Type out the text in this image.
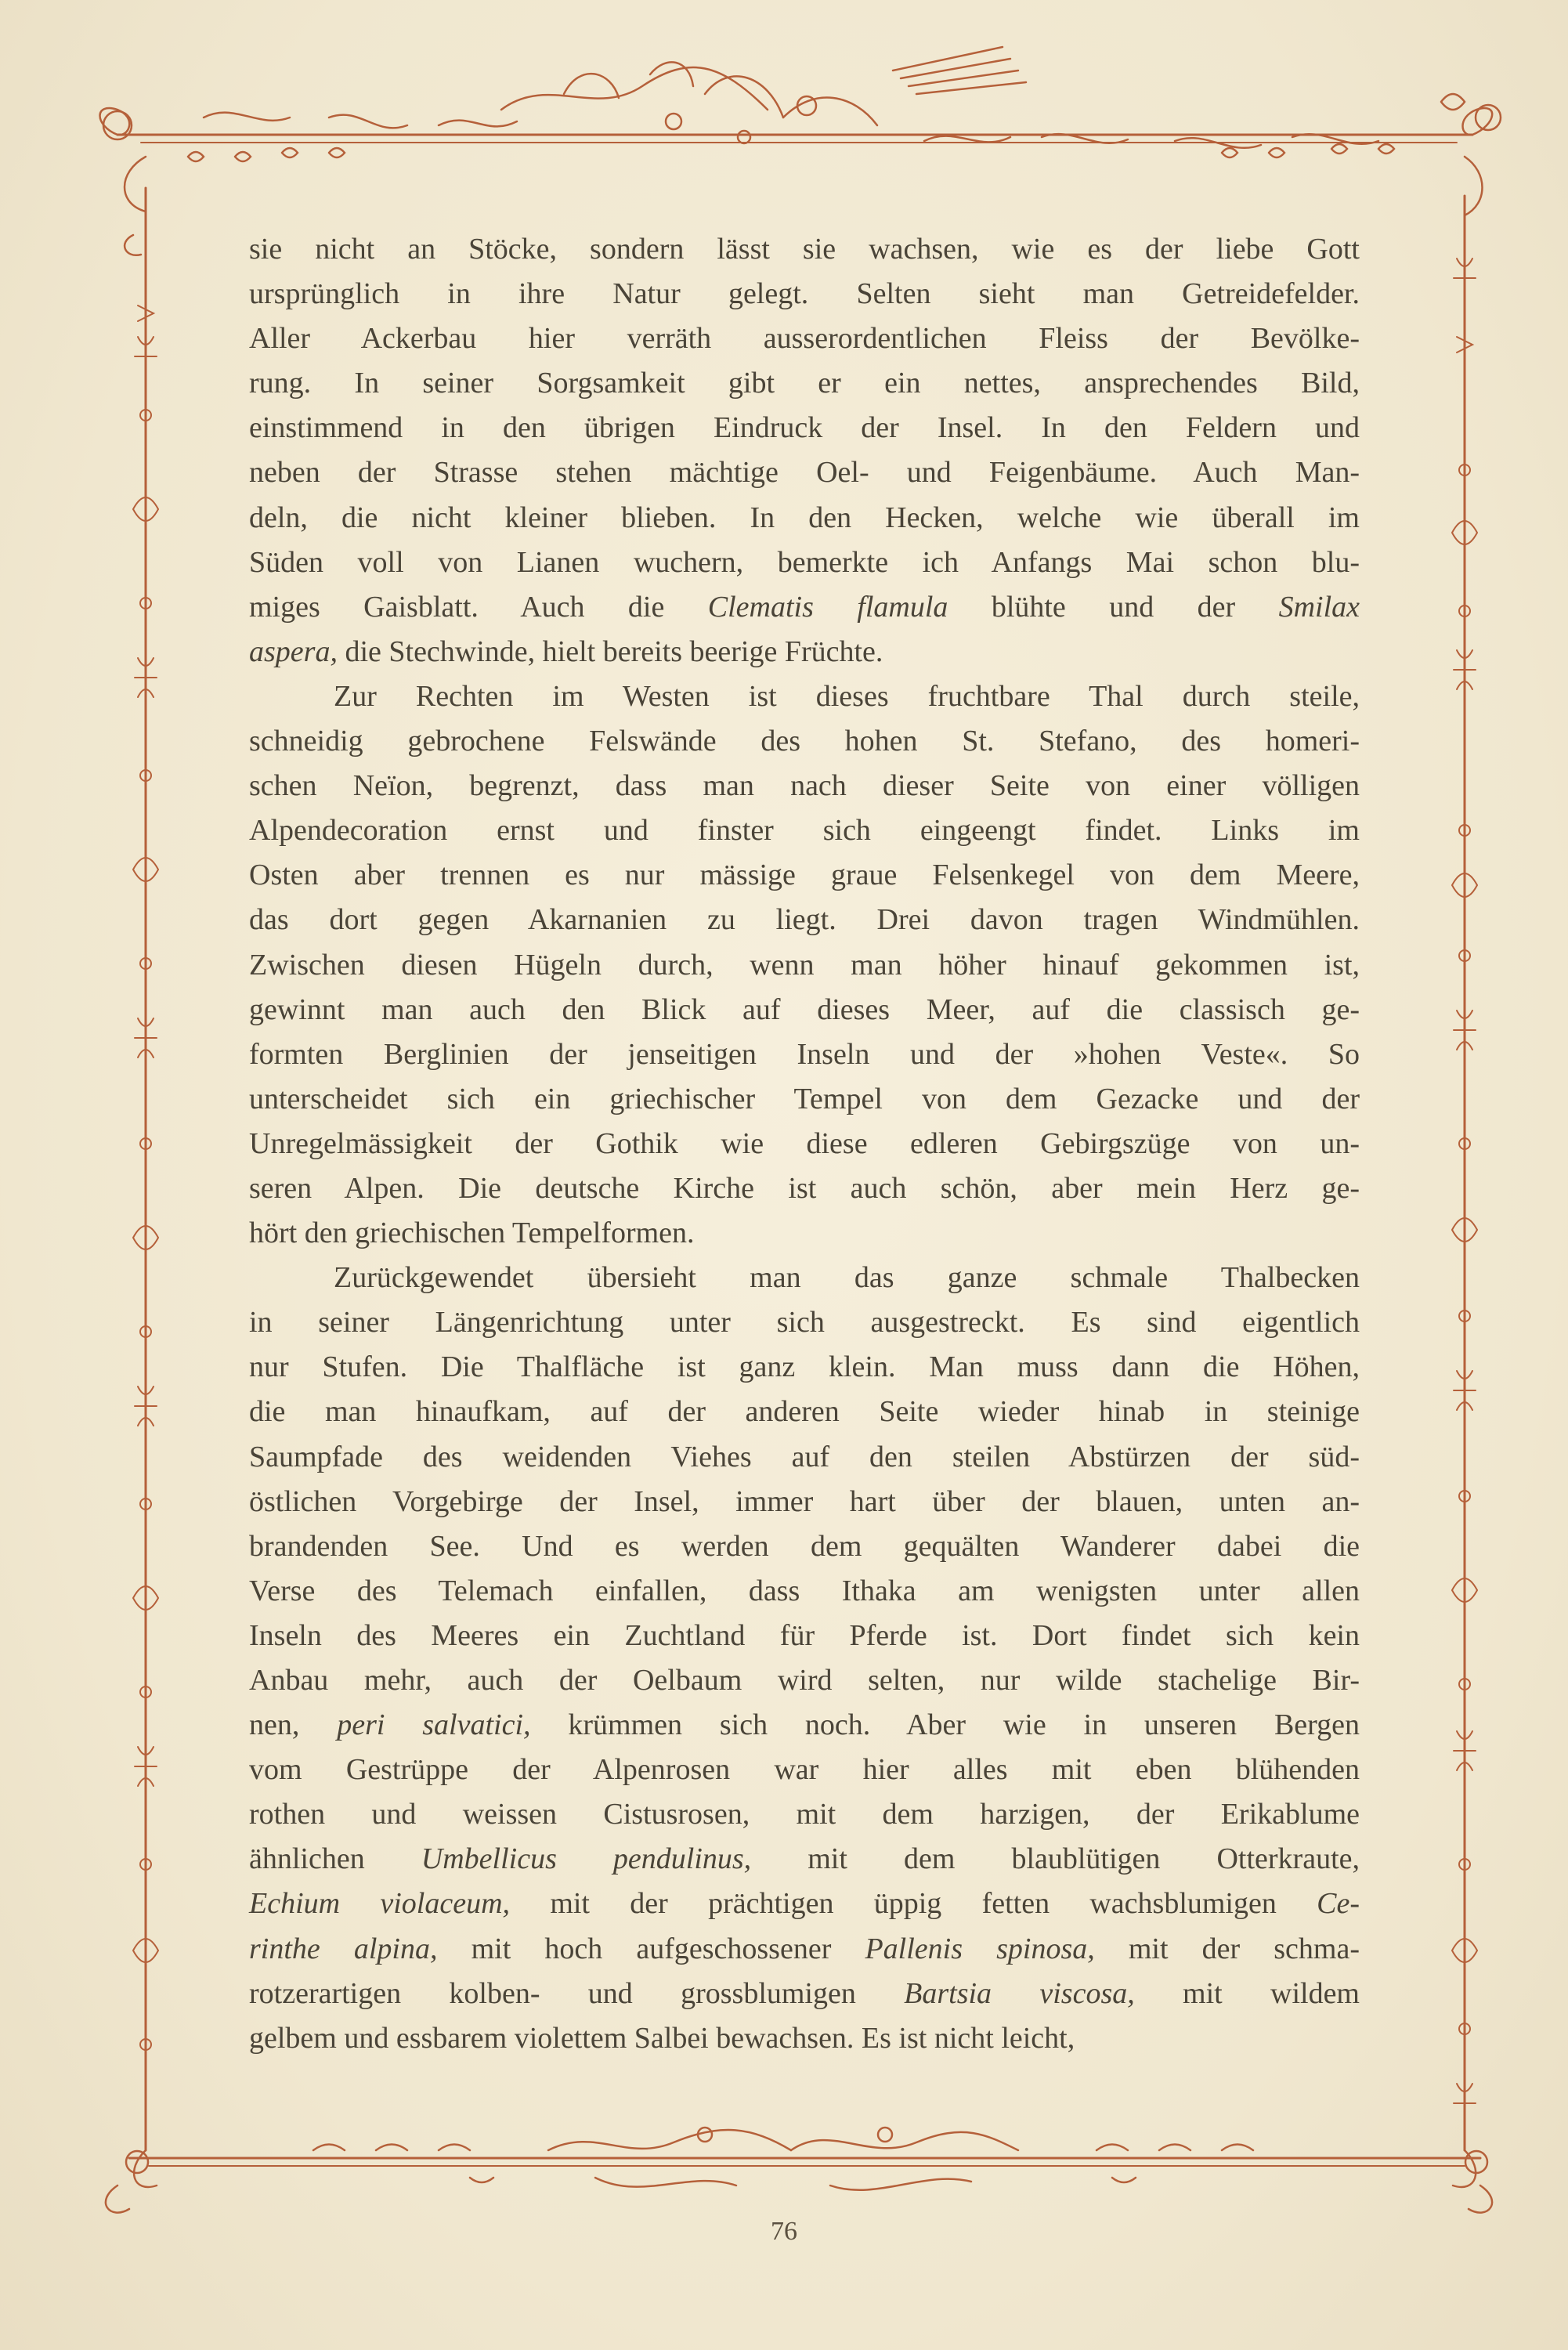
sie nicht an Stöcke, sondern lässt sie wachsen, wie es der liebe Gott
ursprünglich in ihre Natur gelegt. Selten sieht man Getreidefelder.
Aller Ackerbau hier verräth ausserordentlichen Fleiss der Bevölke-
rung. In seiner Sorgsamkeit gibt er ein nettes, ansprechendes Bild,
einstimmend in den übrigen Eindruck der Insel. In den Feldern und
neben der Strasse stehen mächtige Oel- und Feigenbäume. Auch Man-
deln, die nicht kleiner blieben. In den Hecken, welche wie überall im
Süden voll von Lianen wuchern, bemerkte ich Anfangs Mai schon blu-
miges Gaisblatt. Auch die Clematis flamula blühte und der Smilax
aspera, die Stechwinde, hielt bereits beerige Früchte.
Zur Rechten im Westen ist dieses fruchtbare Thal durch steile,
schneidig gebrochene Felswände des hohen St. Stefano, des homeri-
schen Neïon, begrenzt, dass man nach dieser Seite von einer völligen
Alpendecoration ernst und finster sich eingeengt findet. Links im
Osten aber trennen es nur mässige graue Felsenkegel von dem Meere,
das dort gegen Akarnanien zu liegt. Drei davon tragen Windmühlen.
Zwischen diesen Hügeln durch, wenn man höher hinauf gekommen ist,
gewinnt man auch den Blick auf dieses Meer, auf die classisch ge-
formten Berglinien der jenseitigen Inseln und der »hohen Veste«. So
unterscheidet sich ein griechischer Tempel von dem Gezacke und der
Unregelmässigkeit der Gothik wie diese edleren Gebirgszüge von un-
seren Alpen. Die deutsche Kirche ist auch schön, aber mein Herz ge-
hört den griechischen Tempelformen.
Zurückgewendet übersieht man das ganze schmale Thalbecken
in seiner Längenrichtung unter sich ausgestreckt. Es sind eigentlich
nur Stufen. Die Thalfläche ist ganz klein. Man muss dann die Höhen,
die man hinaufkam, auf der anderen Seite wieder hinab in steinige
Saumpfade des weidenden Viehes auf den steilen Abstürzen der süd-
östlichen Vorgebirge der Insel, immer hart über der blauen, unten an-
brandenden See. Und es werden dem gequälten Wanderer dabei die
Verse des Telemach einfallen, dass Ithaka am wenigsten unter allen
Inseln des Meeres ein Zuchtland für Pferde ist. Dort findet sich kein
Anbau mehr, auch der Oelbaum wird selten, nur wilde stachelige Bir-
nen, peri salvatici, krümmen sich noch. Aber wie in unseren Bergen
vom Gestrüppe der Alpenrosen war hier alles mit eben blühenden
rothen und weissen Cistusrosen, mit dem harzigen, der Erikablume
ähnlichen Umbellicus pendulinus, mit dem blaublütigen Otterkraute,
Echium violaceum, mit der prächtigen üppig fetten wachsblumigen Ce-
rinthe alpina, mit hoch aufgeschossener Pallenis spinosa, mit der schma-
rotzerartigen kolben- und grossblumigen Bartsia viscosa, mit wildem
gelbem und essbarem violettem Salbei bewachsen. Es ist nicht leicht,
76
